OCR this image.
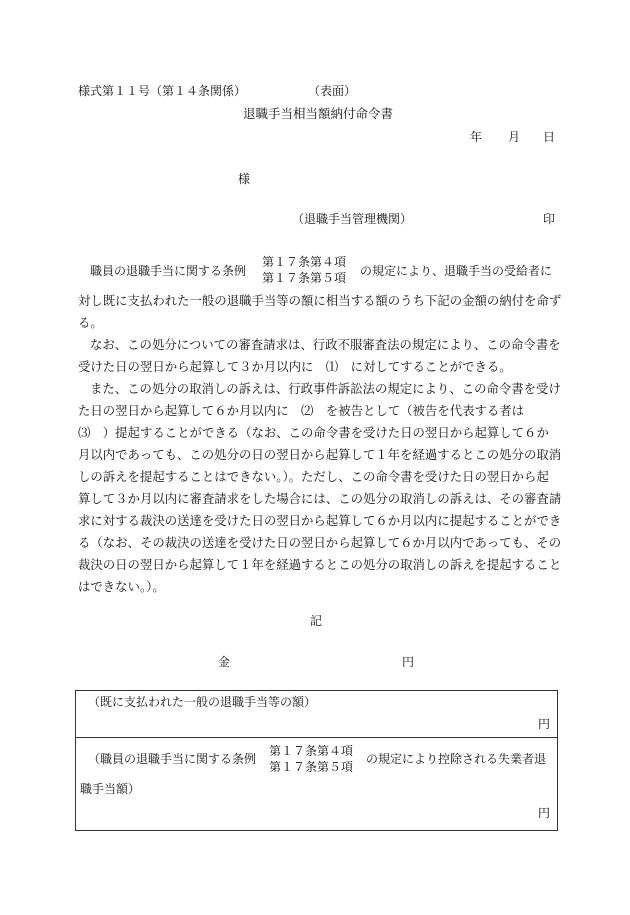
様式第１１号（第１４条関係）	（表面）
退職手当相当額納付命令書
年 月 日
様
（退職手当管理機関）	印
職員の退職手当に関する条例
第１７条第４項
第１７条第５項 の規定により、退職手当の受給者に
対し既に支払われた一般の退職手当等の額に相当する額のうち下記の金額の納付を命ず
る。
なお、この処分についての審査請求は、行政不服審査法の規定により、この命令書を
受けた日の翌日から起算して３か月以内に　⑴　に対してすることができる。
また、この処分の取消しの訴えは、行政事件訴訟法の規定により、この命令書を受け
た日の翌日から起算して６か月以内に　⑵　を被告として（被告を代表する者は
⑶　）提起することができる（なお、この命令書を受けた日の翌日から起算して６か
月以内であっても、この処分の日の翌日から起算して１年を経過するとこの処分の取消
しの訴えを提起することはできない。）。ただし、この命令書を受けた日の翌日から起
算して３か月以内に審査請求をした場合には、この処分の取消しの訴えは、その審査請
求に対する裁決の送達を受けた日の翌日から起算して６か月以内に提起することができ
る（なお、その裁決の送達を受けた日の翌日から起算して６か月以内であっても、その
裁決の日の翌日から起算して１年を経過するとこの処分の取消しの訴えを提起すること
はできない。）。
記
金	円
（既に支払われた一般の退職手当等の額）
円
（職員の退職手当に関する条例
第１７条第４項
第１７条第５項
の規定により控除される失業者退
職手当額）
円
